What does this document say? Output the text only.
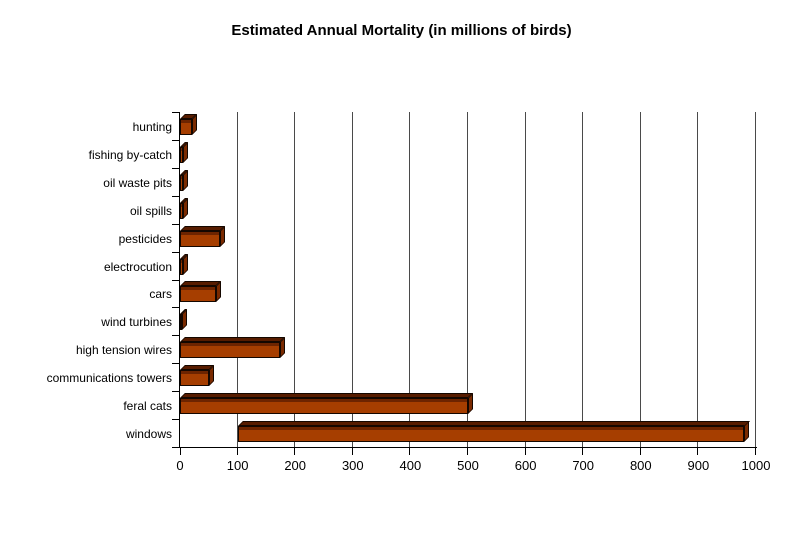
Estimated Annual Mortality (in millions of birds)
0	100	200	300	400	500	600	700	800	900	1000
hunting
fishing by-catch
oil waste pits
oil spills
pesticides
electrocution
cars
wind turbines
high tension wires
communications towers
feral cats
windows
